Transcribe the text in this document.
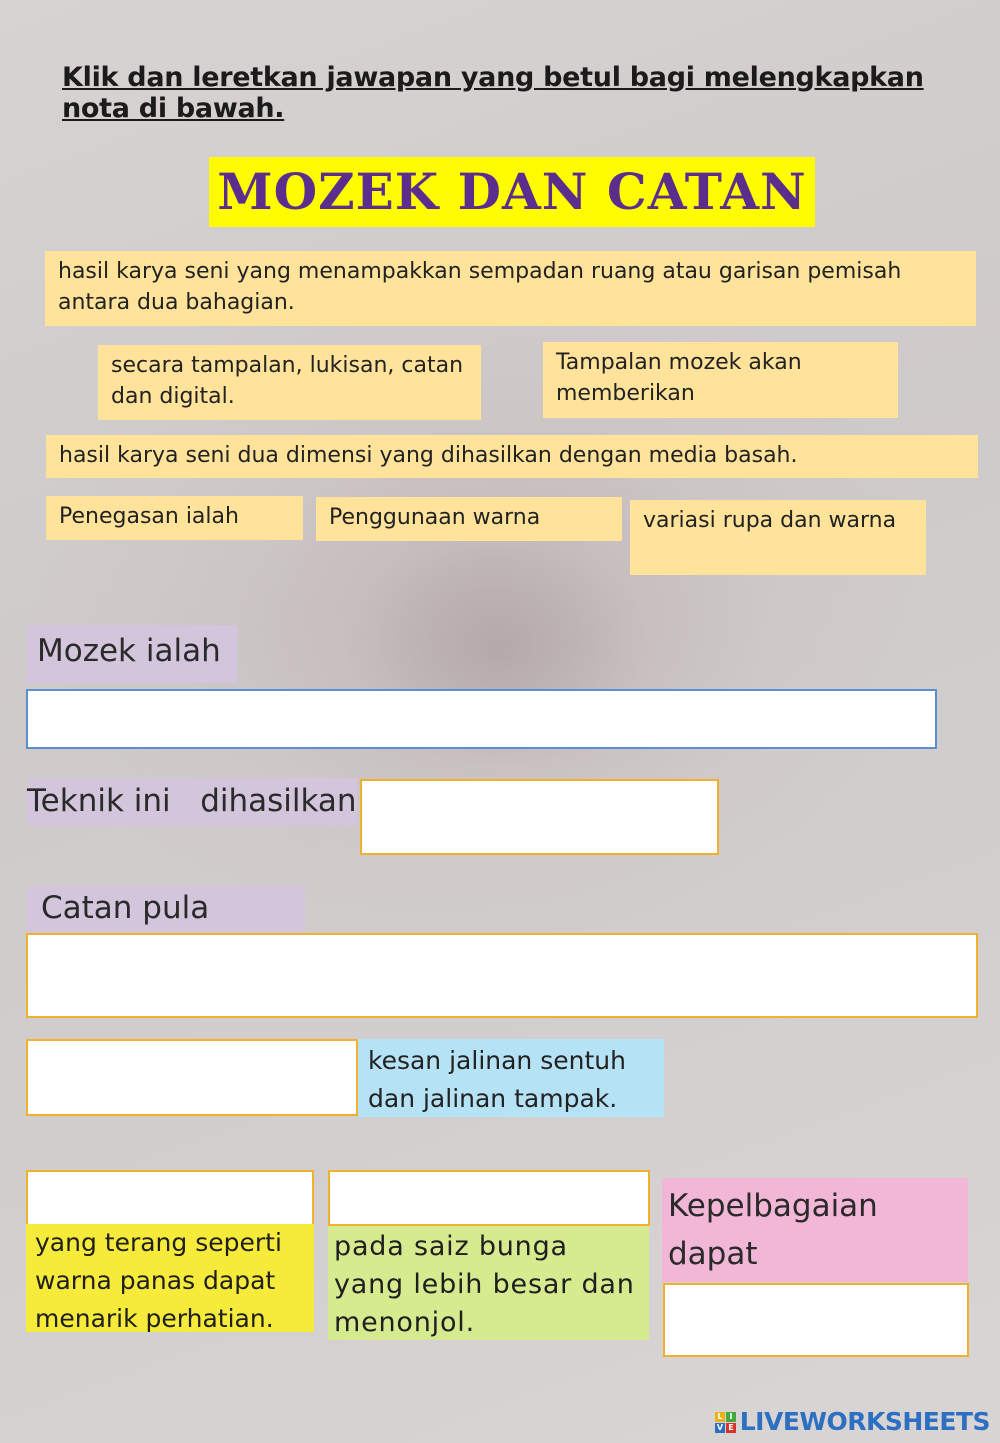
Klik dan leretkan jawapan yang betul bagi melengkapkan nota di bawah.
MOZEK DAN CATAN
hasil karya seni yang menampakkan sempadan ruang atau garisan pemisah antara dua bahagian.
secara tampalan, lukisan, catan dan digital.
Tampalan mozek akan memberikan
hasil karya seni dua dimensi yang dihasilkan dengan media basah.
Penegasan ialah	Penggunaan warna	variasi rupa dan warna
Mozek ialah
Teknik ini   dihasilkan
Catan pula
kesan jalinan sentuh dan jalinan tampak.
yang terang seperti warna panas dapat menarik perhatian.
pada saiz bunga yang lebih besar dan menonjol.
Kepelbagaian dapat
L I
V E LIVEWORKSHEETS
